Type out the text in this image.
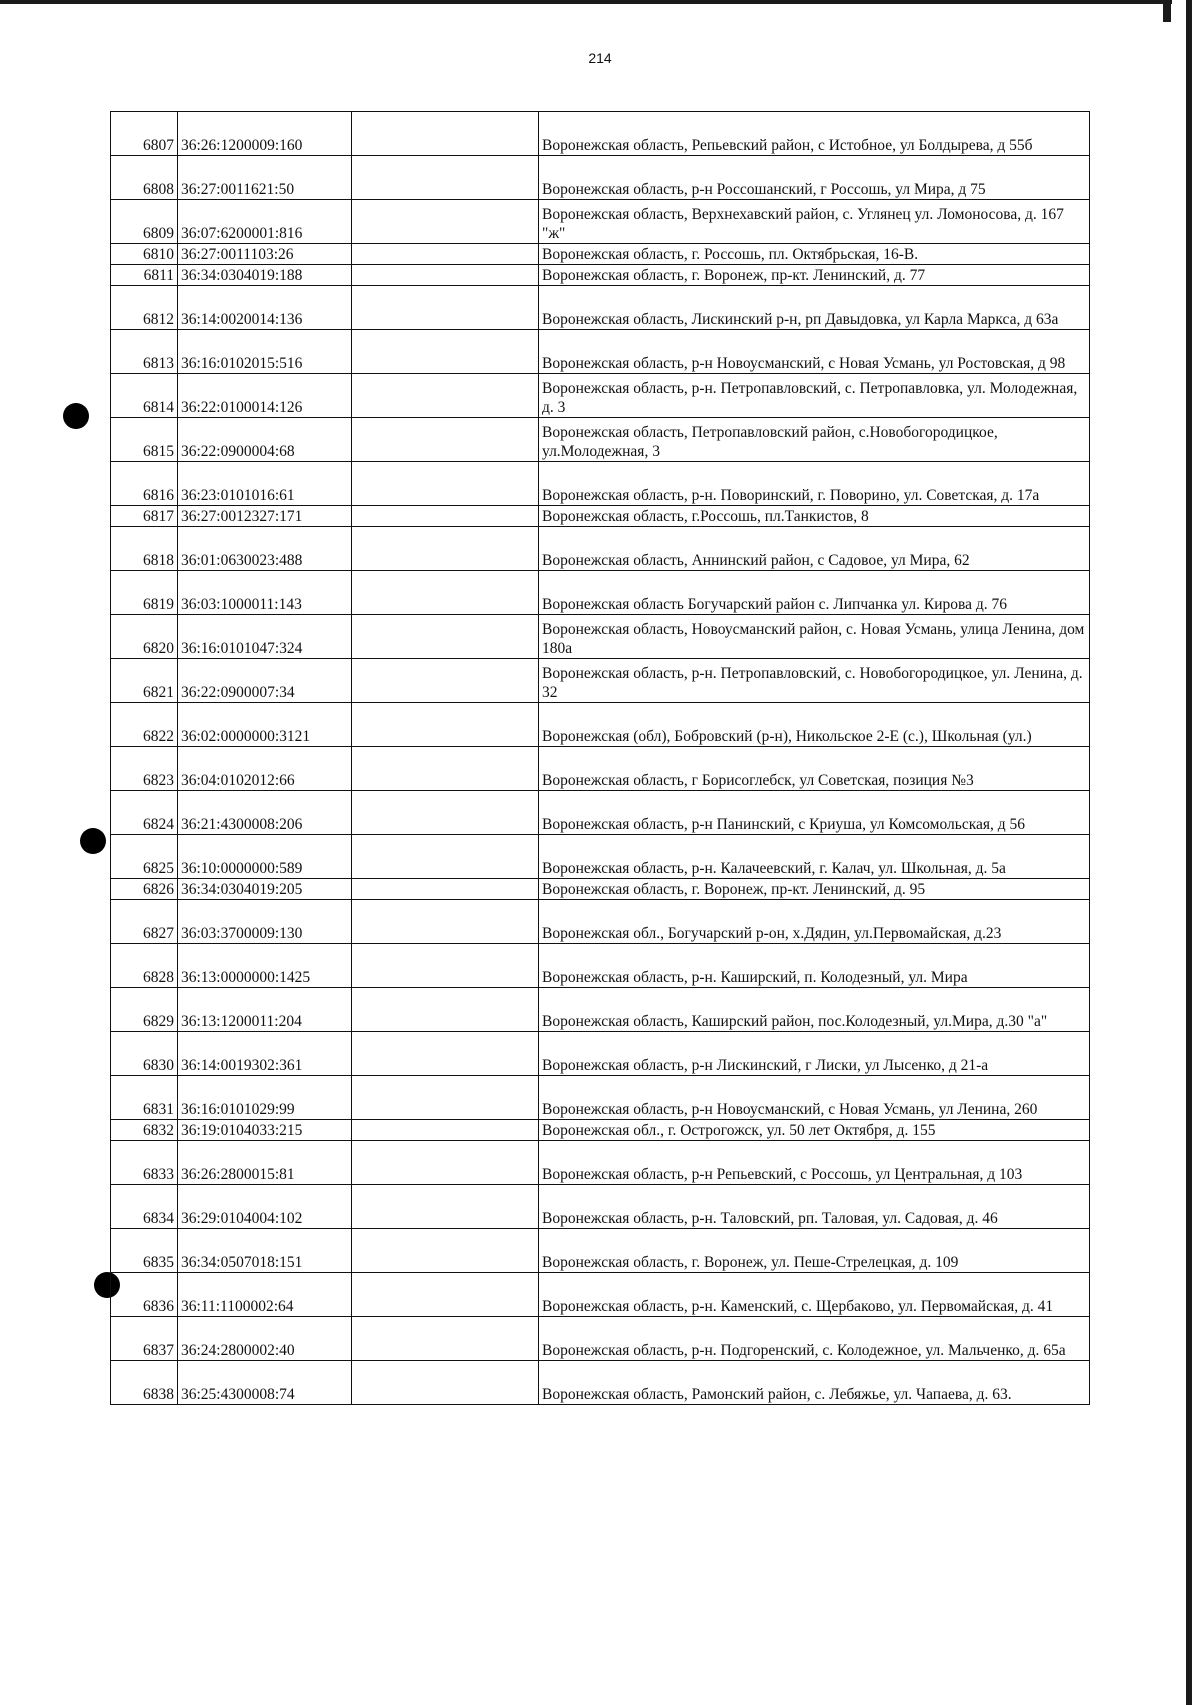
214
6807	36:26:1200009:160		Воронежская область, Репьевский район, с Истобное, ул Болдырева, д 55б
6808	36:27:0011621:50		Воронежская область, р-н Россошанский, г Россошь, ул Мира, д 75
6809	36:07:6200001:816		Воронежская область, Верхнехавский район, с. Углянец ул. Ломоносова, д. 167 "ж"
6810	36:27:0011103:26		Воронежская область, г. Россошь, пл. Октябрьская, 16-В.
6811	36:34:0304019:188		Воронежская область, г. Воронеж, пр-кт. Ленинский, д. 77
6812	36:14:0020014:136		Воронежская область, Лискинский р-н, рп Давыдовка, ул Карла Маркса, д 63а
6813	36:16:0102015:516		Воронежская область, р-н Новоусманский, с Новая Усмань, ул Ростовская, д 98
6814	36:22:0100014:126		Воронежская область, р-н. Петропавловский, с. Петропавловка, ул. Молодежная, д. 3
6815	36:22:0900004:68		Воронежская область, Петропавловский район, с.Новобогородицкое, ул.Молодежная, 3
6816	36:23:0101016:61		Воронежская область, р-н. Поворинский, г. Поворино, ул. Советская, д. 17а
6817	36:27:0012327:171		Воронежская область, г.Россошь, пл.Танкистов, 8
6818	36:01:0630023:488		Воронежская область, Аннинский район, с Садовое, ул Мира, 62
6819	36:03:1000011:143		Воронежская область Богучарский район с. Липчанка ул. Кирова д. 76
6820	36:16:0101047:324		Воронежская область, Новоусманский район, с. Новая Усмань, улица Ленина, дом 180а
6821	36:22:0900007:34		Воронежская область, р-н. Петропавловский, с. Новобогородицкое, ул. Ленина, д. 32
6822	36:02:0000000:3121		Воронежская (обл), Бобровский (р-н), Никольское 2-Е (с.), Школьная (ул.)
6823	36:04:0102012:66		Воронежская область, г Борисоглебск, ул Советская, позиция №3
6824	36:21:4300008:206		Воронежская область, р-н Панинский, с Криуша, ул Комсомольская, д 56
6825	36:10:0000000:589		Воронежская область, р-н. Калачеевский, г. Калач, ул. Школьная, д. 5а
6826	36:34:0304019:205		Воронежская область, г. Воронеж, пр-кт. Ленинский, д. 95
6827	36:03:3700009:130		Воронежская обл., Богучарский р-он, х.Дядин, ул.Первомайская, д.23
6828	36:13:0000000:1425		Воронежская область, р-н. Каширский, п. Колодезный, ул. Мира
6829	36:13:1200011:204		Воронежская область, Каширский район, пос.Колодезный, ул.Мира, д.30 "а"
6830	36:14:0019302:361		Воронежская область, р-н Лискинский, г Лиски, ул Лысенко, д 21-а
6831	36:16:0101029:99		Воронежская область, р-н Новоусманский, с Новая Усмань, ул Ленина, 260
6832	36:19:0104033:215		Воронежская обл., г. Острогожск, ул. 50 лет Октября, д. 155
6833	36:26:2800015:81		Воронежская область, р-н Репьевский, с Россошь, ул Центральная, д 103
6834	36:29:0104004:102		Воронежская область, р-н. Таловский, рп. Таловая, ул. Садовая, д. 46
6835	36:34:0507018:151		Воронежская область, г. Воронеж, ул. Пеше-Стрелецкая, д. 109
6836	36:11:1100002:64		Воронежская область, р-н. Каменский, с. Щербаково, ул. Первомайская, д. 41
6837	36:24:2800002:40		Воронежская область, р-н. Подгоренский, с. Колодежное, ул. Мальченко, д. 65а
6838	36:25:4300008:74		Воронежская область, Рамонский район, с. Лебяжье, ул. Чапаева, д. 63.
